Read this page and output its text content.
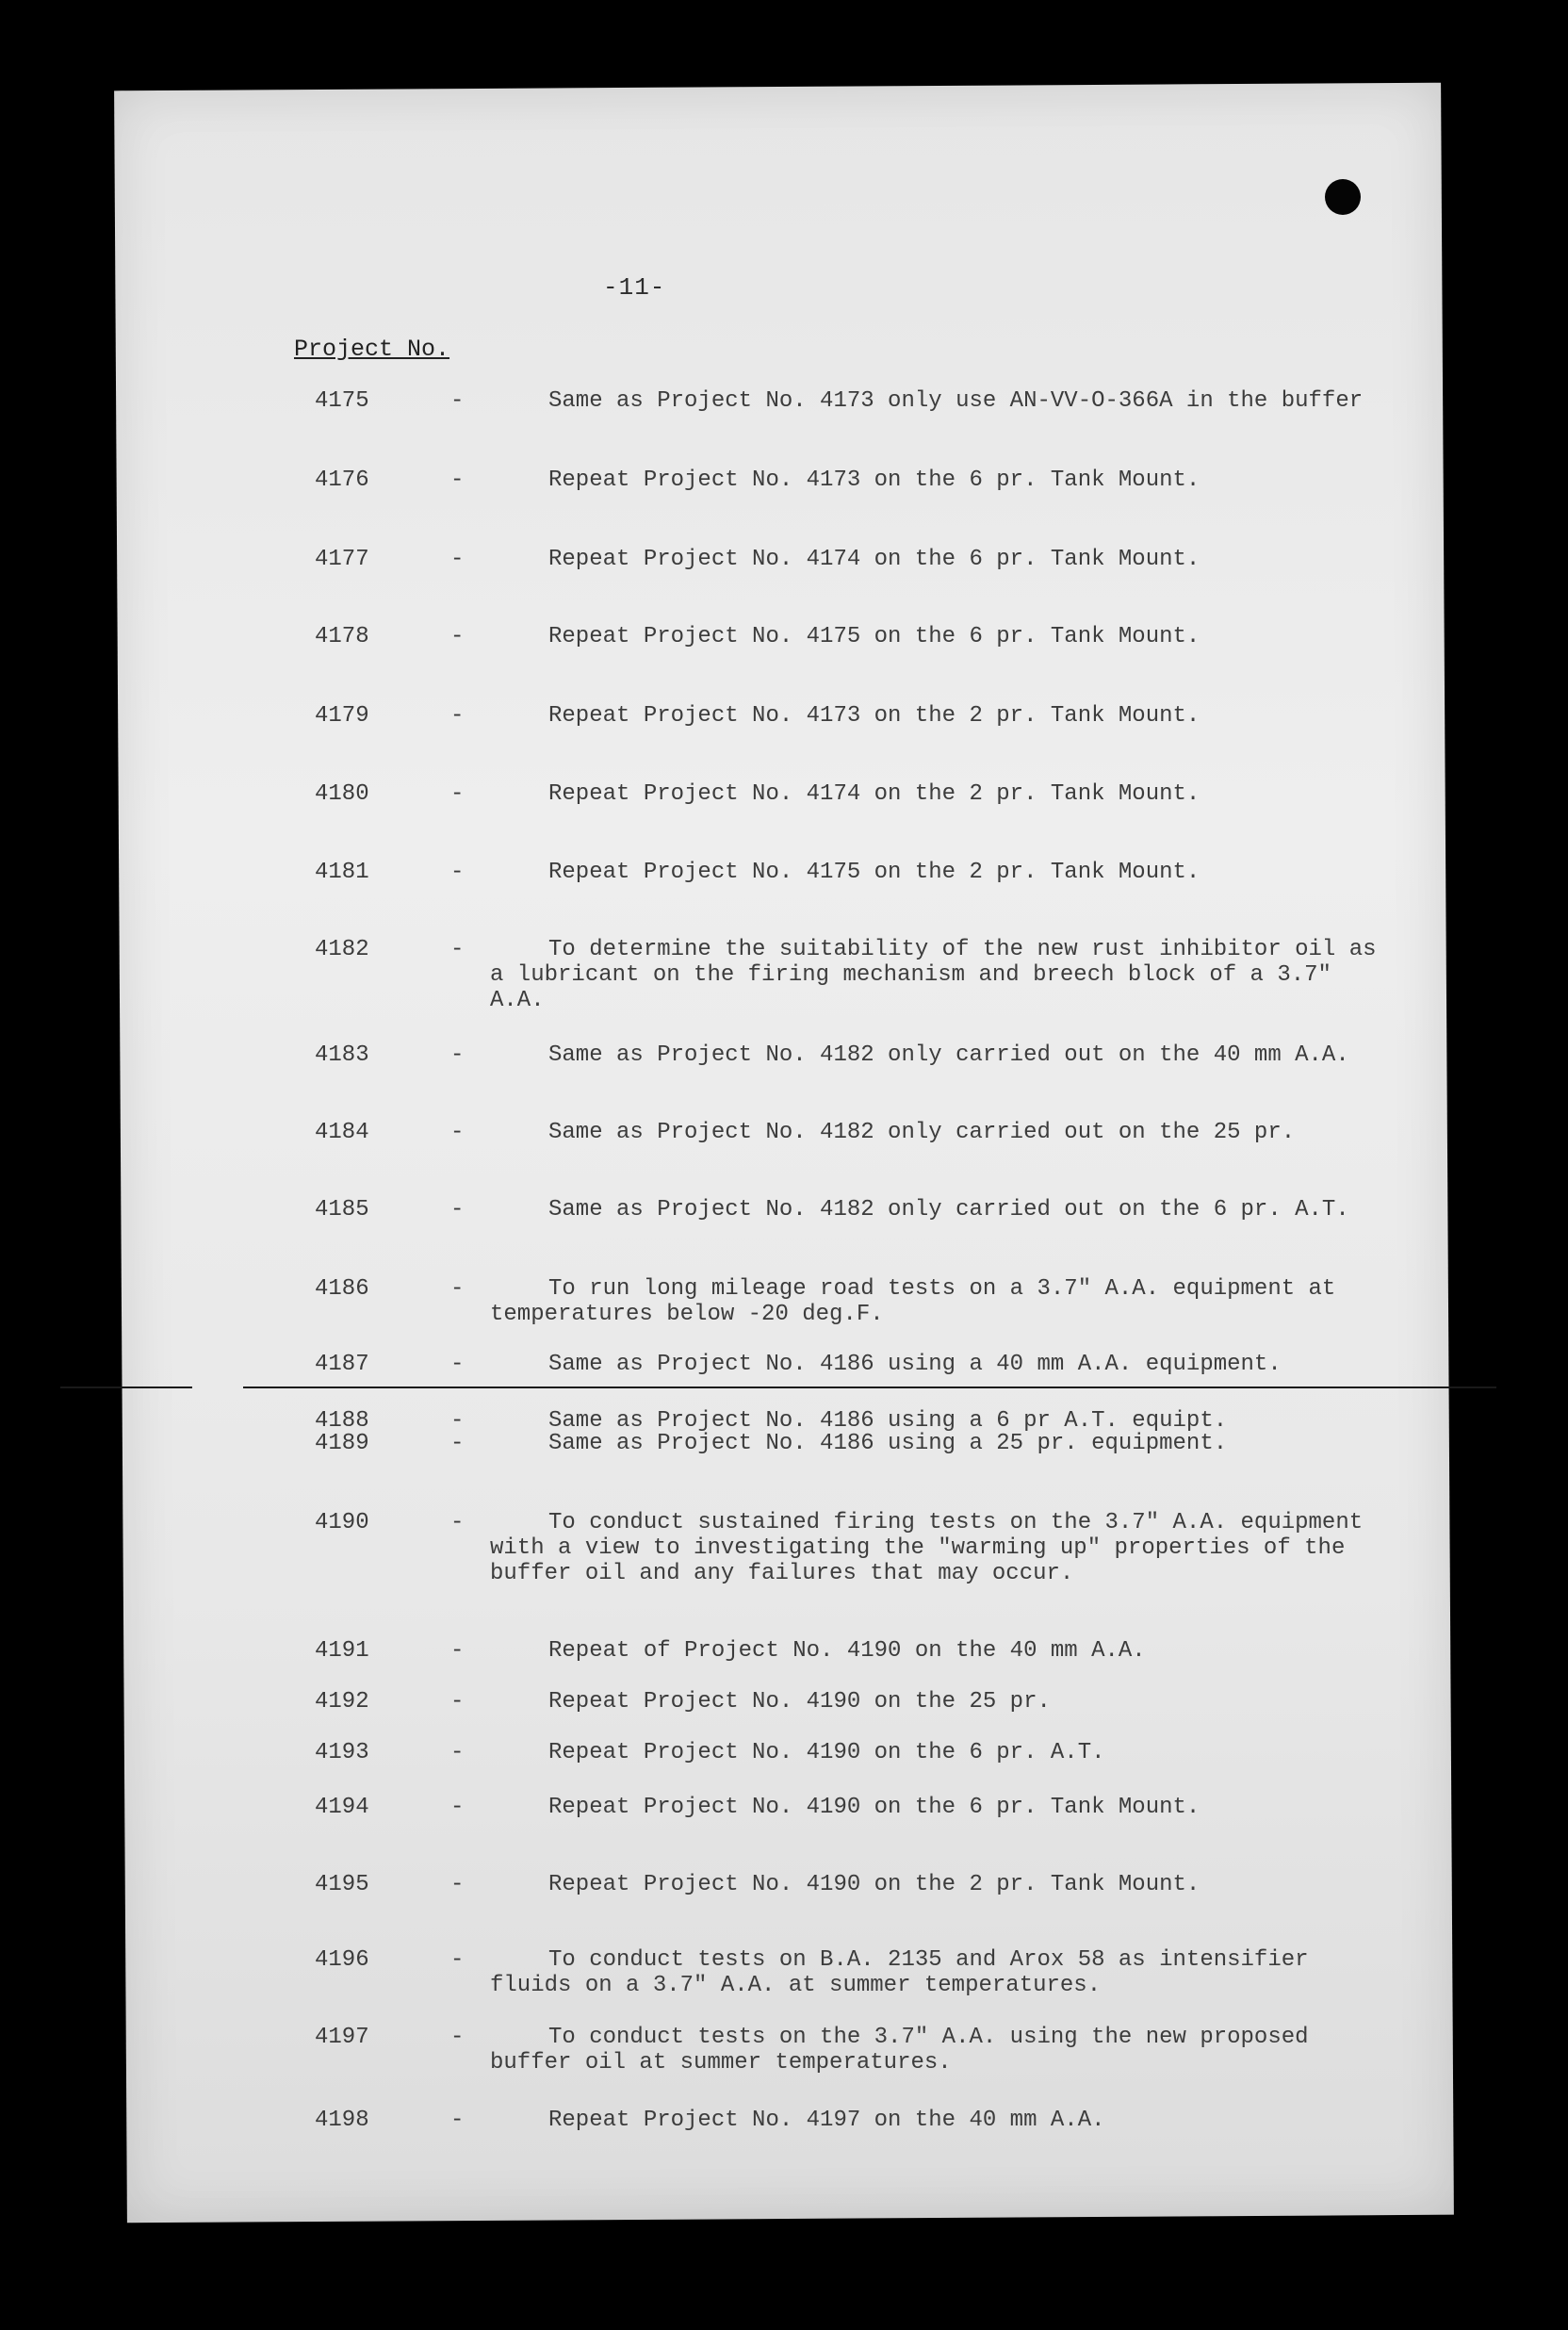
-11-
Project No.
4175	-	Same as Project No. 4173 only use AN-VV-O-366A in the buffer
4176	-	Repeat Project No. 4173 on the 6 pr. Tank Mount.
4177	-	Repeat Project No. 4174 on the 6 pr. Tank Mount.
4178	-	Repeat Project No. 4175 on the 6 pr. Tank Mount.
4179	-	Repeat Project No. 4173 on the 2 pr. Tank Mount.
4180	-	Repeat Project No. 4174 on the 2 pr. Tank Mount.
4181	-	Repeat Project No. 4175 on the 2 pr. Tank Mount.
4182	-	To determine the suitability of the new rust inhibitor oil as a lubricant on the firing mechanism and breech block of a 3.7" A.A.
4183	-	Same as Project No. 4182 only carried out on the 40 mm A.A.
4184	-	Same as Project No. 4182 only carried out on the 25 pr.
4185	-	Same as Project No. 4182 only carried out on the 6 pr. A.T.
4186	-	To run long mileage road tests on a 3.7" A.A. equipment at temperatures below -20 deg.F.
4187	-	Same as Project No. 4186 using a 40 mm A.A. equipment.
4188	-	Same as Project No. 4186 using a 6 pr A.T. equipt.
4189	-	Same as Project No. 4186 using a 25 pr. equipment.
4190	-	To conduct sustained firing tests on the 3.7" A.A. equipment with a view to investigating the "warming up" properties of the buffer oil and any failures that may occur.
4191	-	Repeat of Project No. 4190 on the 40 mm A.A.
4192	-	Repeat Project No. 4190 on the 25 pr.
4193	-	Repeat Project No. 4190 on the 6 pr. A.T.
4194	-	Repeat Project No. 4190 on the 6 pr. Tank Mount.
4195	-	Repeat Project No. 4190 on the 2 pr. Tank Mount.
4196	-	To conduct tests on B.A. 2135 and Arox 58 as intensifier fluids on a 3.7" A.A. at summer temperatures.
4197	-	To conduct tests on the 3.7" A.A. using the new proposed buffer oil at summer temperatures.
4198	-	Repeat Project No. 4197 on the 40 mm A.A.
